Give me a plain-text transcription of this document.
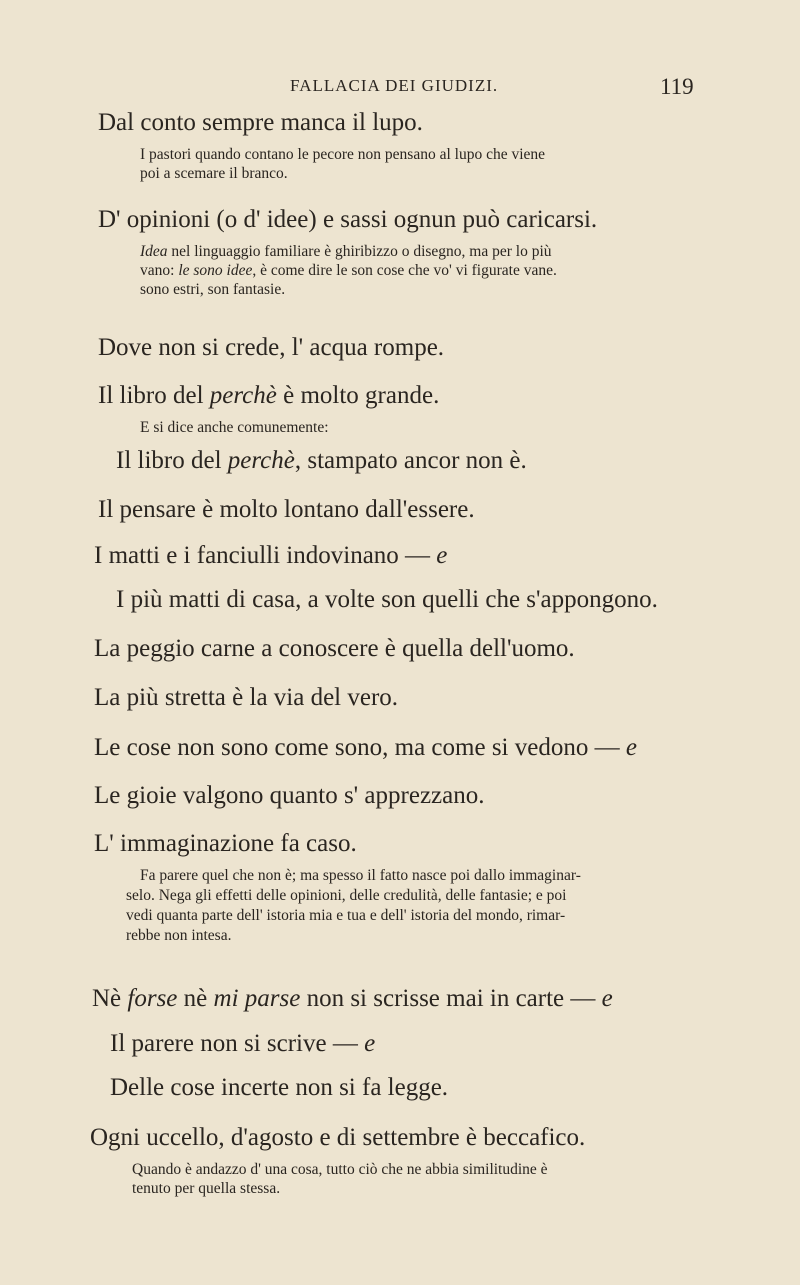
FALLACIA DEI GIUDIZI.	119
Dal conto sempre manca il lupo.

I pastori quando contano le pecore non pensano al lupo che viene

poi a scemare il branco.

D' opinioni (o d' idee) e sassi ognun può caricarsi.

Idea nel linguaggio familiare è ghiribizzo o disegno, ma per lo più

vano: le sono idee, è come dire le son cose che vo' vi figurate vane.

sono estri, son fantasie.

Dove non si crede, l' acqua rompe.
Il libro del perchè è molto grande.

E si dice anche comunemente:

Il libro del perchè, stampato ancor non è.
Il pensare è molto lontano dall'essere.
I matti e i fanciulli indovinano — e
I più matti di casa, a volte son quelli che s'appongono.
La peggio carne a conoscere è quella dell'uomo.
La più stretta è la via del vero.
Le cose non sono come sono, ma come si vedono — e
Le gioie valgono quanto s' apprezzano.
L' immaginazione fa caso.

Fa parere quel che non è; ma spesso il fatto nasce poi dallo immaginar-

selo. Nega gli effetti delle opinioni, delle credulità, delle fantasie; e poi

vedi quanta parte dell' istoria mia e tua e dell' istoria del mondo, rimar-

rebbe non intesa.

Nè forse nè mi parse non si scrisse mai in carte — e
Il parere non si scrive — e
Delle cose incerte non si fa legge.
Ogni uccello, d'agosto e di settembre è beccafico.

Quando è andazzo d' una cosa, tutto ciò che ne abbia similitudine è

tenuto per quella stessa.
